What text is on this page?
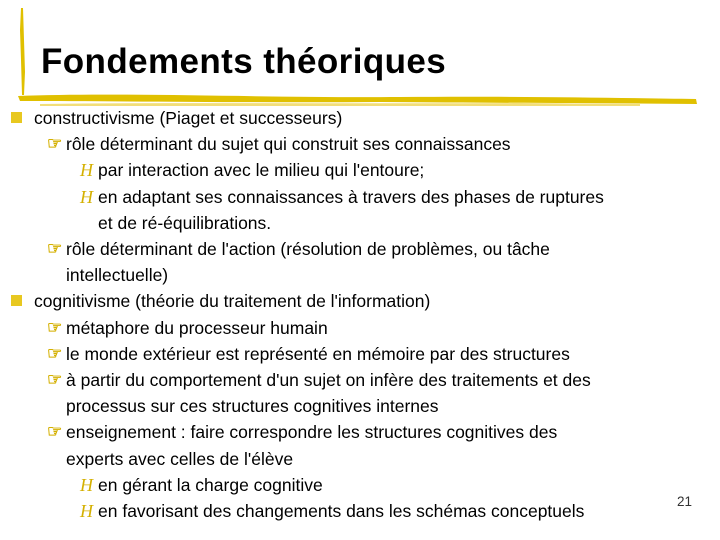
Fondements théoriques
constructivisme (Piaget et successeurs)
☞ rôle déterminant du sujet qui construit ses connaissances
H par interaction avec le milieu qui l'entoure;
H en adaptant ses connaissances à travers des phases de ruptures
et de ré-équilibrations.
☞ rôle déterminant de l'action (résolution de problèmes, ou tâche
intellectuelle)
cognitivisme (théorie du traitement de l'information)
☞ métaphore du processeur humain
☞ le monde extérieur est représenté en mémoire par des structures
☞ à partir du comportement d'un sujet on infère des traitements et des
processus sur ces structures cognitives internes
☞ enseignement : faire correspondre les structures cognitives des
experts avec celles de l'élève
H en gérant la charge cognitive
H en favorisant des changements dans les schémas conceptuels	21
